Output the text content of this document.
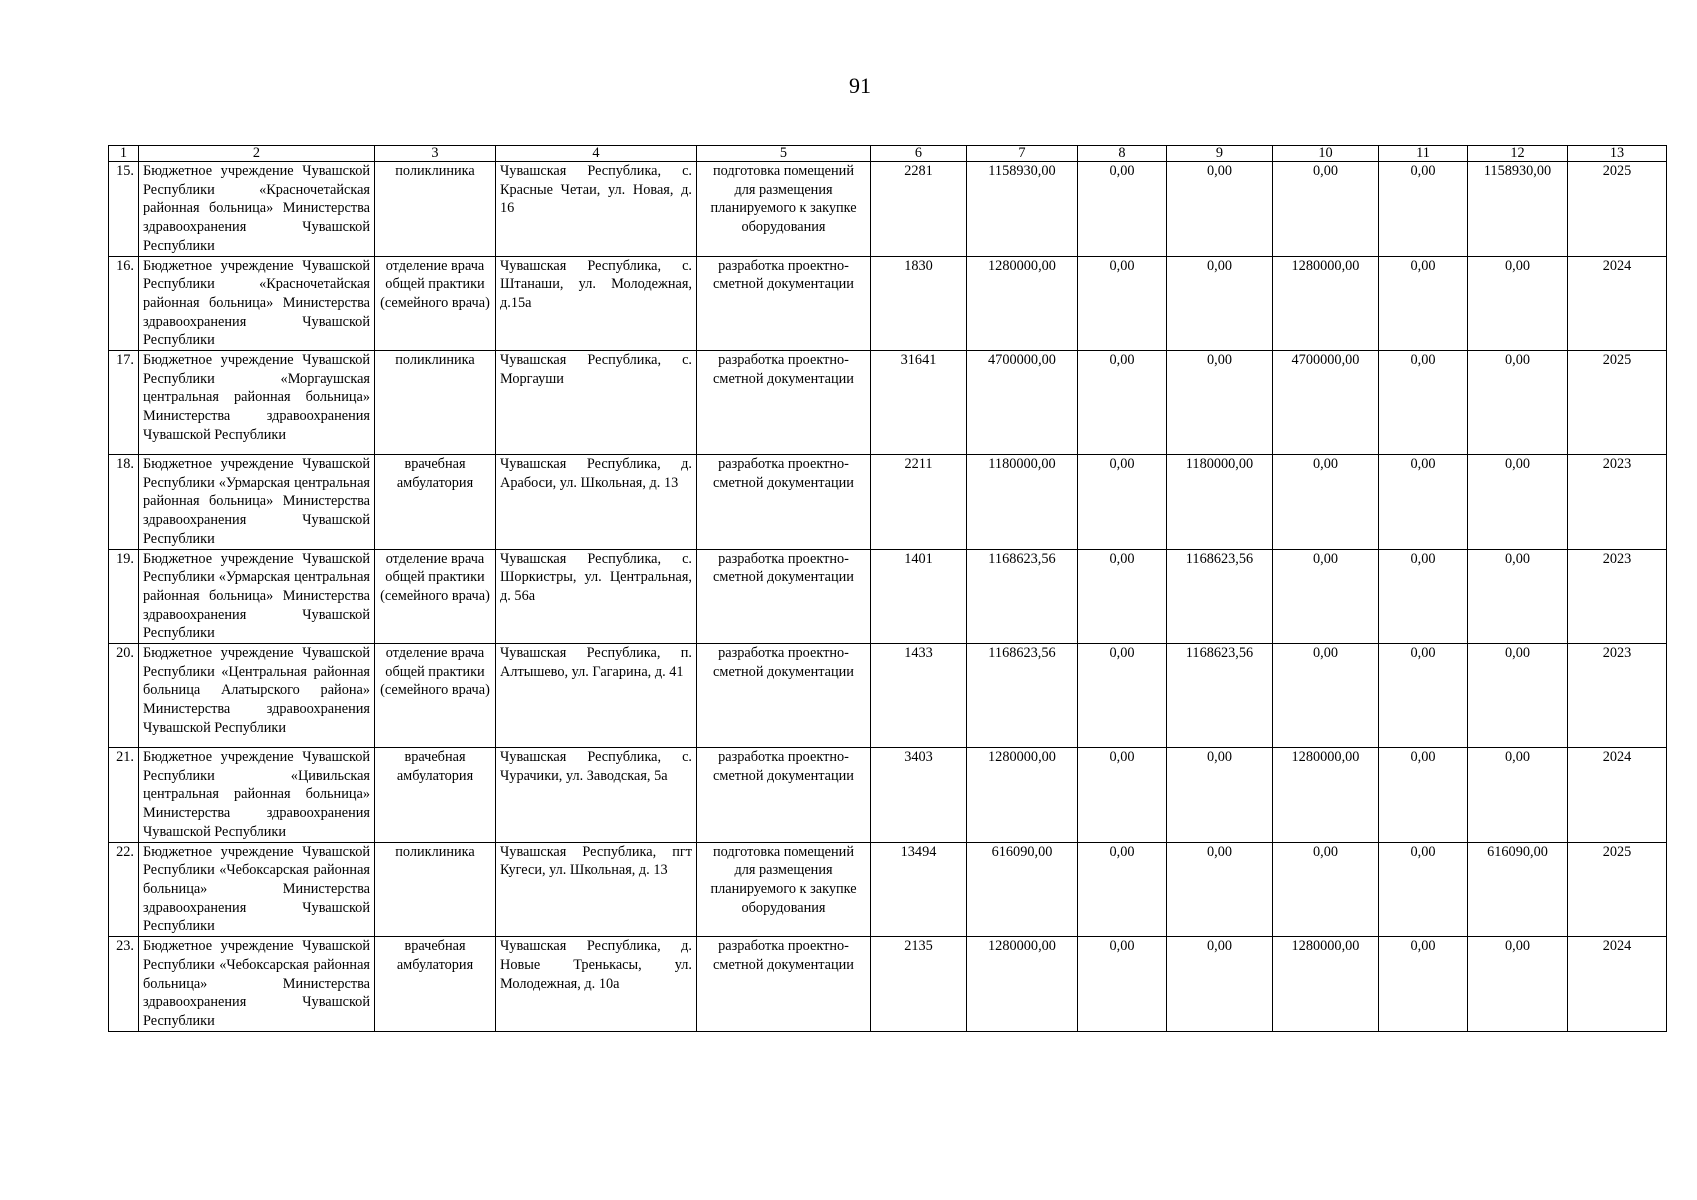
91
1	2	3	4	5	6	7	8	9	10	11	12	13
15.	Бюджетное учреждение Чувашской Республики «Красночетайская районная больница» Министерства здравоохранения Чувашской Республики	поликлиника	Чувашская Республика, с. Красные Четаи, ул. Новая, д. 16	подготовка помещений для размещения планируемого к закупке оборудования	2281	1158930,00	0,00	0,00	0,00	0,00	1158930,00	2025
16.	Бюджетное учреждение Чувашской Республики «Красночетайская районная больница» Министерства здравоохранения Чувашской Республики	отделение врача общей практики (семейного врача)	Чувашская Республика, с. Штанаши, ул. Молодежная, д.15а	разработка проектно-сметной документации	1830	1280000,00	0,00	0,00	1280000,00	0,00	0,00	2024
17.	Бюджетное учреждение Чувашской Республики «Моргаушская центральная районная больница» Министерства здравоохранения Чувашской Республики	поликлиника	Чувашская Республика, с. Моргауши	разработка проектно-сметной документации	31641	4700000,00	0,00	0,00	4700000,00	0,00	0,00	2025
18.	Бюджетное учреждение Чувашской Республики «Урмарская центральная районная больница» Министерства здравоохранения Чувашской Республики	врачебная амбулатория	Чувашская Республика, д. Арабоси, ул. Школьная, д. 13	разработка проектно-сметной документации	2211	1180000,00	0,00	1180000,00	0,00	0,00	0,00	2023
19.	Бюджетное учреждение Чувашской Республики «Урмарская центральная районная больница» Министерства здравоохранения Чувашской Республики	отделение врача общей практики (семейного врача)	Чувашская Республика, с. Шоркистры, ул. Центральная, д. 56а	разработка проектно-сметной документации	1401	1168623,56	0,00	1168623,56	0,00	0,00	0,00	2023
20.	Бюджетное учреждение Чувашской Республики «Центральная районная больница Алатырского района» Министерства здравоохранения Чувашской Республики	отделение врача общей практики (семейного врача)	Чувашская Республика, п. Алтышево, ул. Гагарина, д. 41	разработка проектно-сметной документации	1433	1168623,56	0,00	1168623,56	0,00	0,00	0,00	2023
21.	Бюджетное учреждение Чувашской Республики «Цивильская центральная районная больница» Министерства здравоохранения Чувашской Республики	врачебная амбулатория	Чувашская Республика, с. Чурачики, ул. Заводская, 5а	разработка проектно-сметной документации	3403	1280000,00	0,00	0,00	1280000,00	0,00	0,00	2024
22.	Бюджетное учреждение Чувашской Республики «Чебоксарская районная больница» Министерства здравоохранения Чувашской Республики	поликлиника	Чувашская Республика, пгт Кугеси, ул. Школьная, д. 13	подготовка помещений для размещения планируемого к закупке оборудования	13494	616090,00	0,00	0,00	0,00	0,00	616090,00	2025
23.	Бюджетное учреждение Чувашской Республики «Чебоксарская районная больница» Министерства здравоохранения Чувашской Республики	врачебная амбулатория	Чувашская Республика, д. Новые Тренькасы, ул. Молодежная, д. 10а	разработка проектно-сметной документации	2135	1280000,00	0,00	0,00	1280000,00	0,00	0,00	2024
